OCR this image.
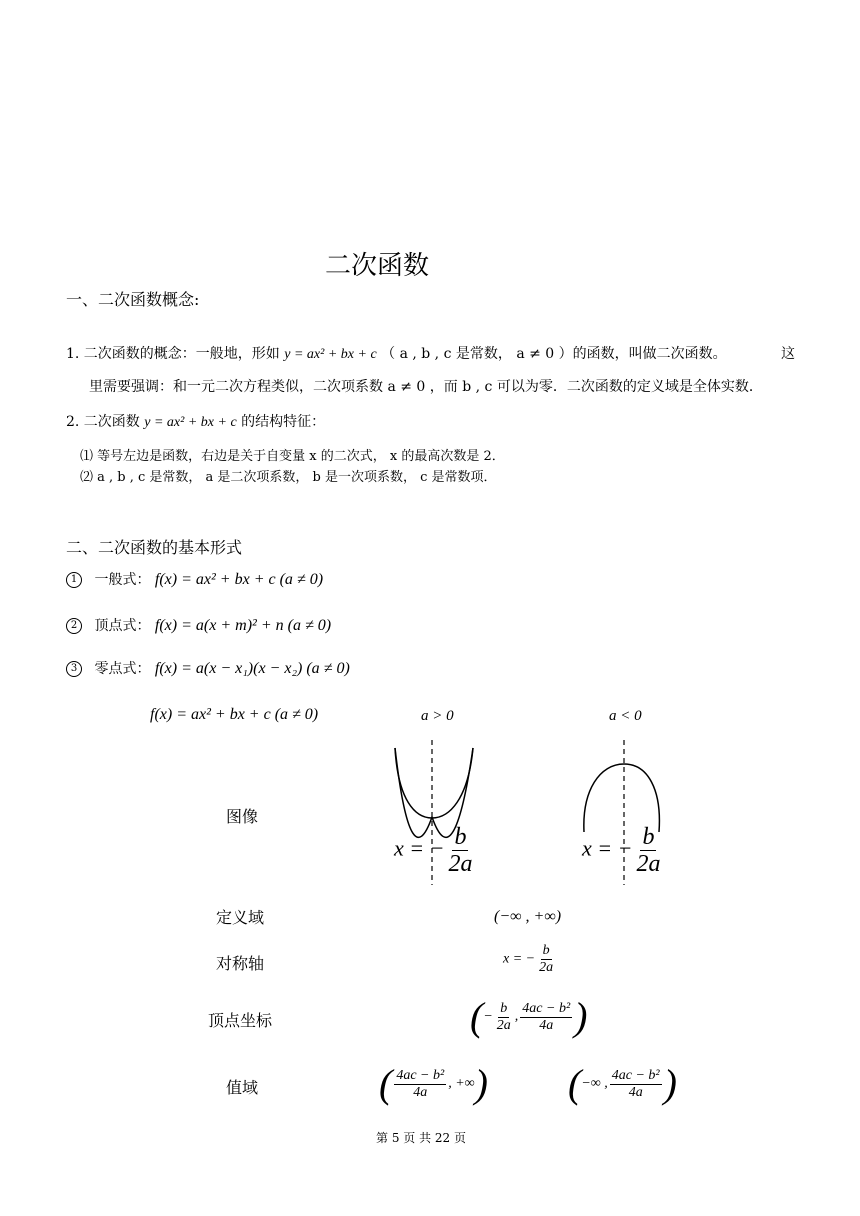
二次函数
一、二次函数概念:
1. 二次函数的概念：一般地，形如 y = ax² + bx + c （ a , b , c 是常数， a ≠ 0 ）的函数，叫做二次函数。	这
里需要强调：和一元二次方程类似，二次项系数 a ≠ 0 ，而 b , c 可以为零．二次函数的定义域是全体实数．
2. 二次函数 y = ax² + bx + c 的结构特征：
⑴ 等号左边是函数，右边是关于自变量 x 的二次式， x 的最高次数是 2．
⑵ a , b , c 是常数， a 是二次项系数， b 是一次项系数， c 是常数项．
二、二次函数的基本形式
1 一般式： f(x) = ax² + bx + c (a ≠ 0)
2 顶点式： f(x) = a(x + m)² + n (a ≠ 0)
3 零点式： f(x) = a(x − x₁)(x − x₂) (a ≠ 0)
f(x) = ax² + bx + c (a ≠ 0)	a > 0	a < 0
图像
x = − $\frac{b}{2a}$	x = − $\frac{b}{2a}$
定义域	(−∞ , +∞)
对称轴	x = − $\frac{b}{2a}$
顶点坐标	(− $\frac{b}{2a}$ , $\frac{\text{4ac − b²}}{4a}$ )
值域	( $\frac{\text{4ac − b²}}{4a}$ , +∞) (−∞ , $\frac{\text{4ac − b²}}{4a}$ )
第 5 页 共 22 页
